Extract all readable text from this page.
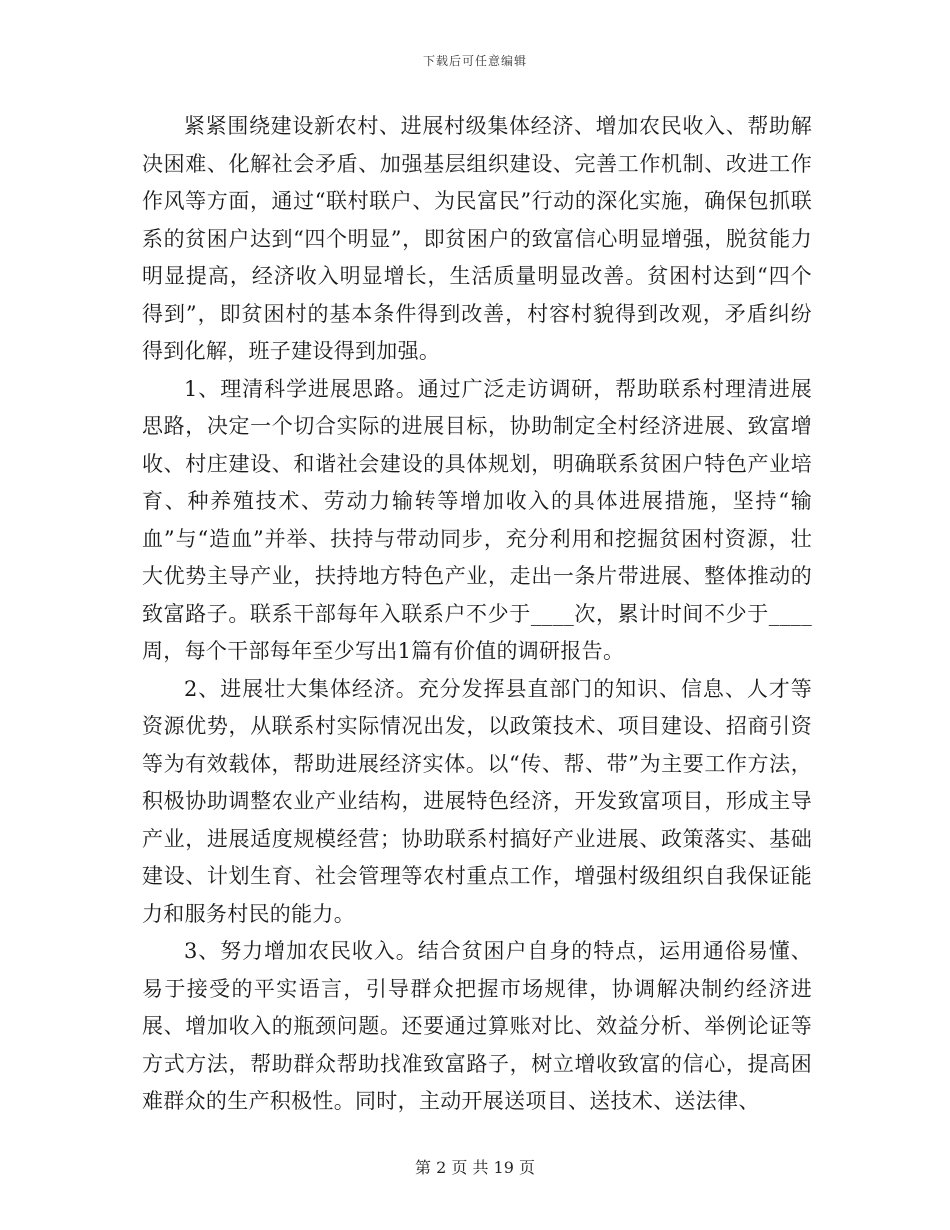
下载后可任意编辑

紧紧围绕建设新农村、进展村级集体经济、增加农民收入、帮助解决困难、化解社会矛盾、加强基层组织建设、完善工作机制、改进工作作风等方面，通过“联村联户、为民富民”行动的深化实施，确保包抓联系的贫困户达到“四个明显”，即贫困户的致富信心明显增强，脱贫能力明显提高，经济收入明显增长，生活质量明显改善。贫困村达到“四个得到”，即贫困村的基本条件得到改善，村容村貌得到改观，矛盾纠纷得到化解，班子建设得到加强。

1、理清科学进展思路。通过广泛走访调研，帮助联系村理清进展思路，决定一个切合实际的进展目标，协助制定全村经济进展、致富增收、村庄建设、和谐社会建设的具体规划，明确联系贫困户特色产业培育、种养殖技术、劳动力输转等增加收入的具体进展措施，坚持“输血”与“造血”并举、扶持与带动同步，充分利用和挖掘贫困村资源，壮大优势主导产业，扶持地方特色产业，走出一条片带进展、整体推动的致富路子。联系干部每年入联系户不少于____次，累计时间不少于____周，每个干部每年至少写出1篇有价值的调研报告。

2、进展壮大集体经济。充分发挥县直部门的知识、信息、人才等资源优势，从联系村实际情况出发，以政策技术、项目建设、招商引资等为有效载体，帮助进展经济实体。以“传、帮、带”为主要工作方法，积极协助调整农业产业结构，进展特色经济，开发致富项目，形成主导产业，进展适度规模经营；协助联系村搞好产业进展、政策落实、基础建设、计划生育、社会管理等农村重点工作，增强村级组织自我保证能力和服务村民的能力。

3、努力增加农民收入。结合贫困户自身的特点，运用通俗易懂、易于接受的平实语言，引导群众把握市场规律，协调解决制约经济进展、增加收入的瓶颈问题。还要通过算账对比、效益分析、举例论证等方式方法，帮助群众帮助找准致富路子，树立增收致富的信心，提高困难群众的生产积极性。同时，主动开展送项目、送技术、送法律、

第 2 页 共 19 页
